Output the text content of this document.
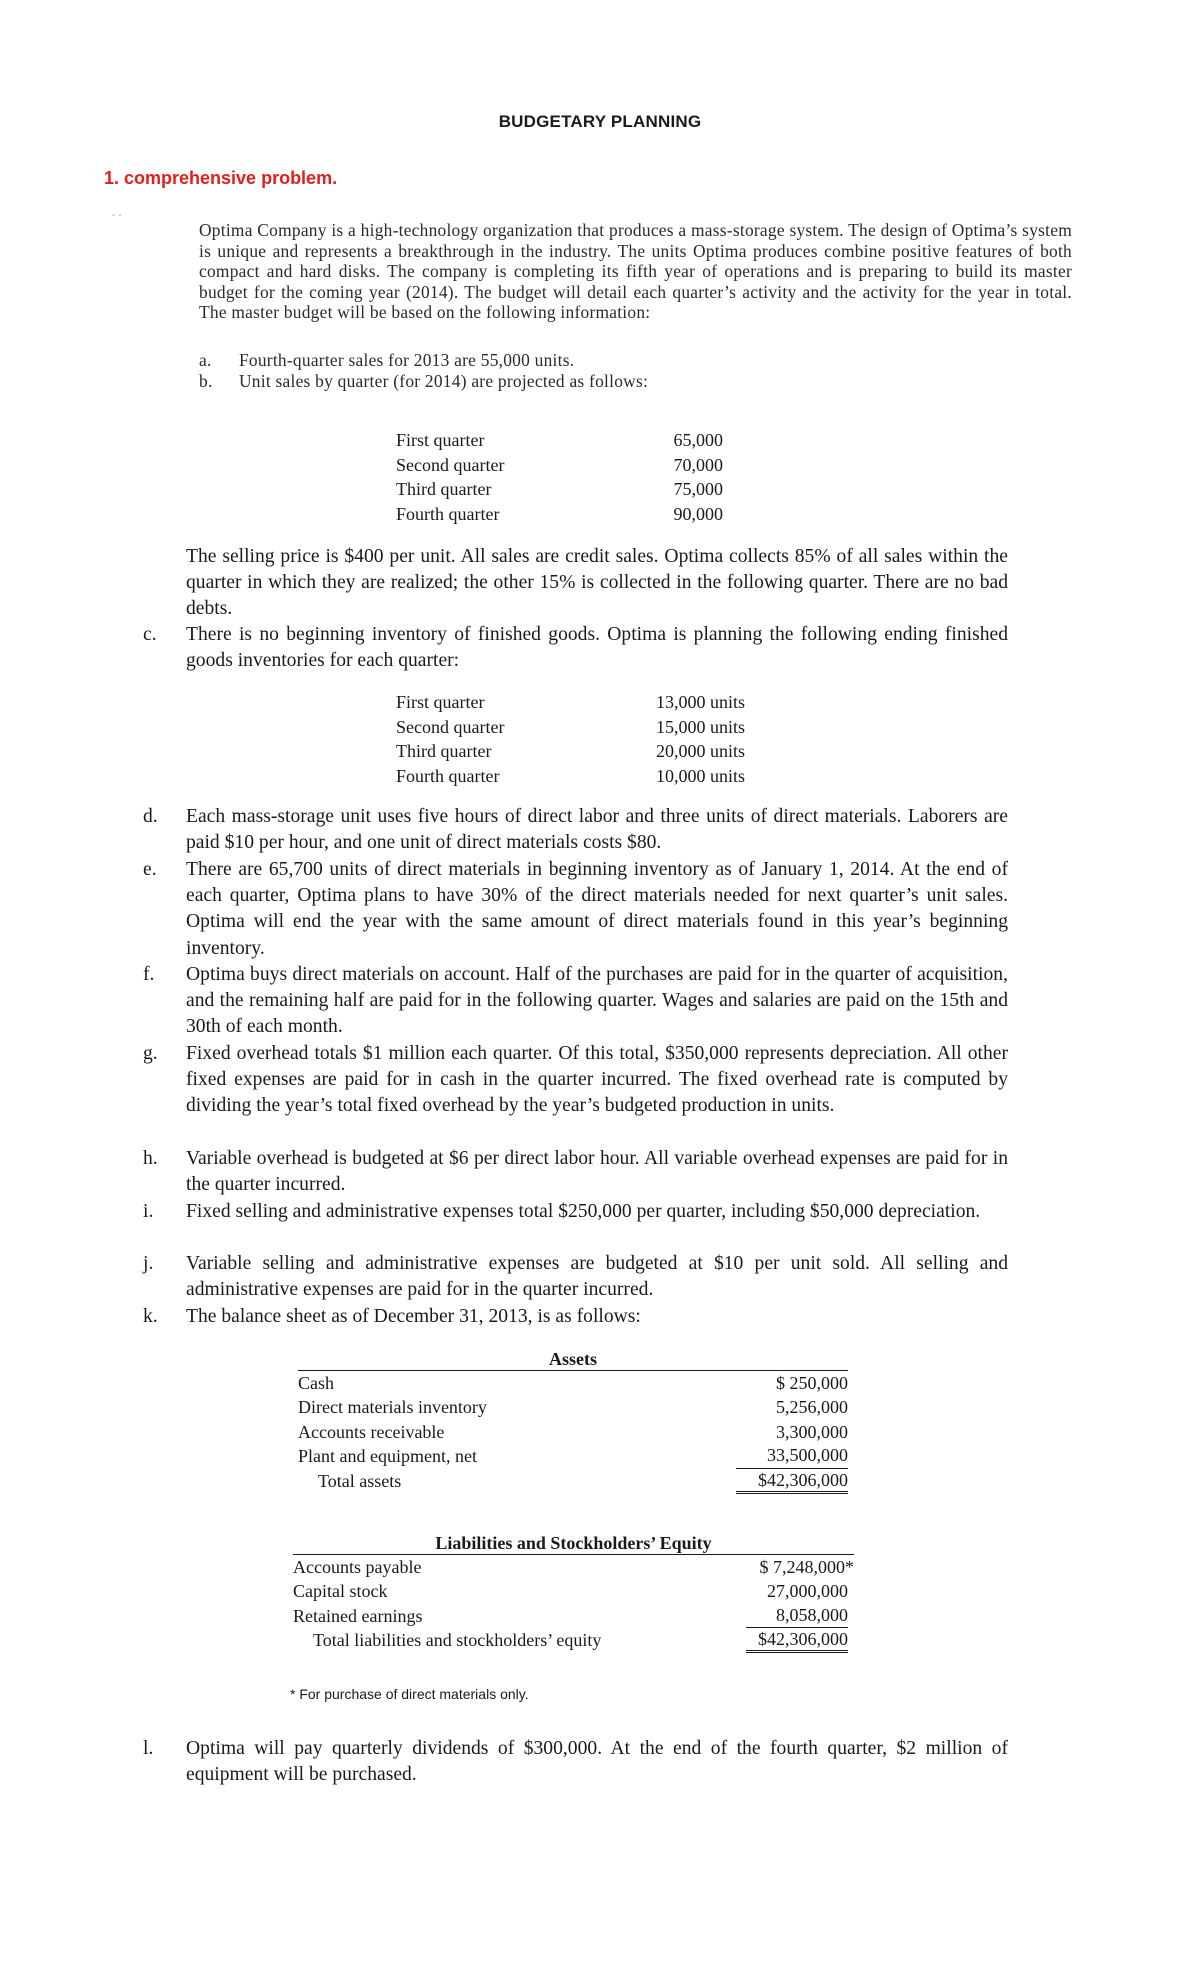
BUDGETARY PLANNING
1. comprehensive problem.
- -
Optima Company is a high-technology organization that produces a mass-storage system. The design of Optima’s system is unique and represents a breakthrough in the industry. The units Optima produces combine positive features of both compact and hard disks. The company is completing its fifth year of operations and is preparing to build its master budget for the coming year (2014). The budget will detail each quarter’s activity and the activity for the year in total. The master budget will be based on the following information:
a.	Fourth-quarter sales for 2013 are 55,000 units.
b.	Unit sales by quarter (for 2014) are projected as follows:
First quarter	65,000
Second quarter	70,000
Third quarter	75,000
Fourth quarter	90,000
The selling price is $400 per unit. All sales are credit sales. Optima collects 85% of all sales within the quarter in which they are realized; the other 15% is collected in the following quarter. There are no bad debts.
c.	There is no beginning inventory of finished goods. Optima is planning the following ending finished goods inventories for each quarter:
First quarter	13,000 units
Second quarter	15,000 units
Third quarter	20,000 units
Fourth quarter	10,000 units
d.	Each mass-storage unit uses five hours of direct labor and three units of direct materials. Laborers are paid $10 per hour, and one unit of direct materials costs $80.
e.	There are 65,700 units of direct materials in beginning inventory as of January 1, 2014. At the end of each quarter, Optima plans to have 30% of the direct materials needed for next quarter’s unit sales. Optima will end the year with the same amount of direct materials found in this year’s beginning inventory.
f.	Optima buys direct materials on account. Half of the purchases are paid for in the quarter of acquisition, and the remaining half are paid for in the following quarter. Wages and salaries are paid on the 15th and 30th of each month.
g.	Fixed overhead totals $1 million each quarter. Of this total, $350,000 represents depreciation. All other fixed expenses are paid for in cash in the quarter incurred. The fixed overhead rate is computed by dividing the year’s total fixed overhead by the year’s budgeted production in units.
h.	Variable overhead is budgeted at $6 per direct labor hour. All variable overhead expenses are paid for in the quarter incurred.
i.	Fixed selling and administrative expenses total $250,000 per quarter, including $50,000 depreciation.
j.	Variable selling and administrative expenses are budgeted at $10 per unit sold. All selling and administrative expenses are paid for in the quarter incurred.
k.	The balance sheet as of December 31, 2013, is as follows:
Assets
Cash	$ 250,000
Direct materials inventory	5,256,000
Accounts receivable	3,300,000
Plant and equipment, net	33,500,000
Total assets	$42,306,000
Liabilities and Stockholders’ Equity
Accounts payable	$ 7,248,000*
Capital stock	27,000,000
Retained earnings	8,058,000
Total liabilities and stockholders’ equity	$42,306,000
* For purchase of direct materials only.
l.	Optima will pay quarterly dividends of $300,000. At the end of the fourth quarter, $2 million of equipment will be purchased.
